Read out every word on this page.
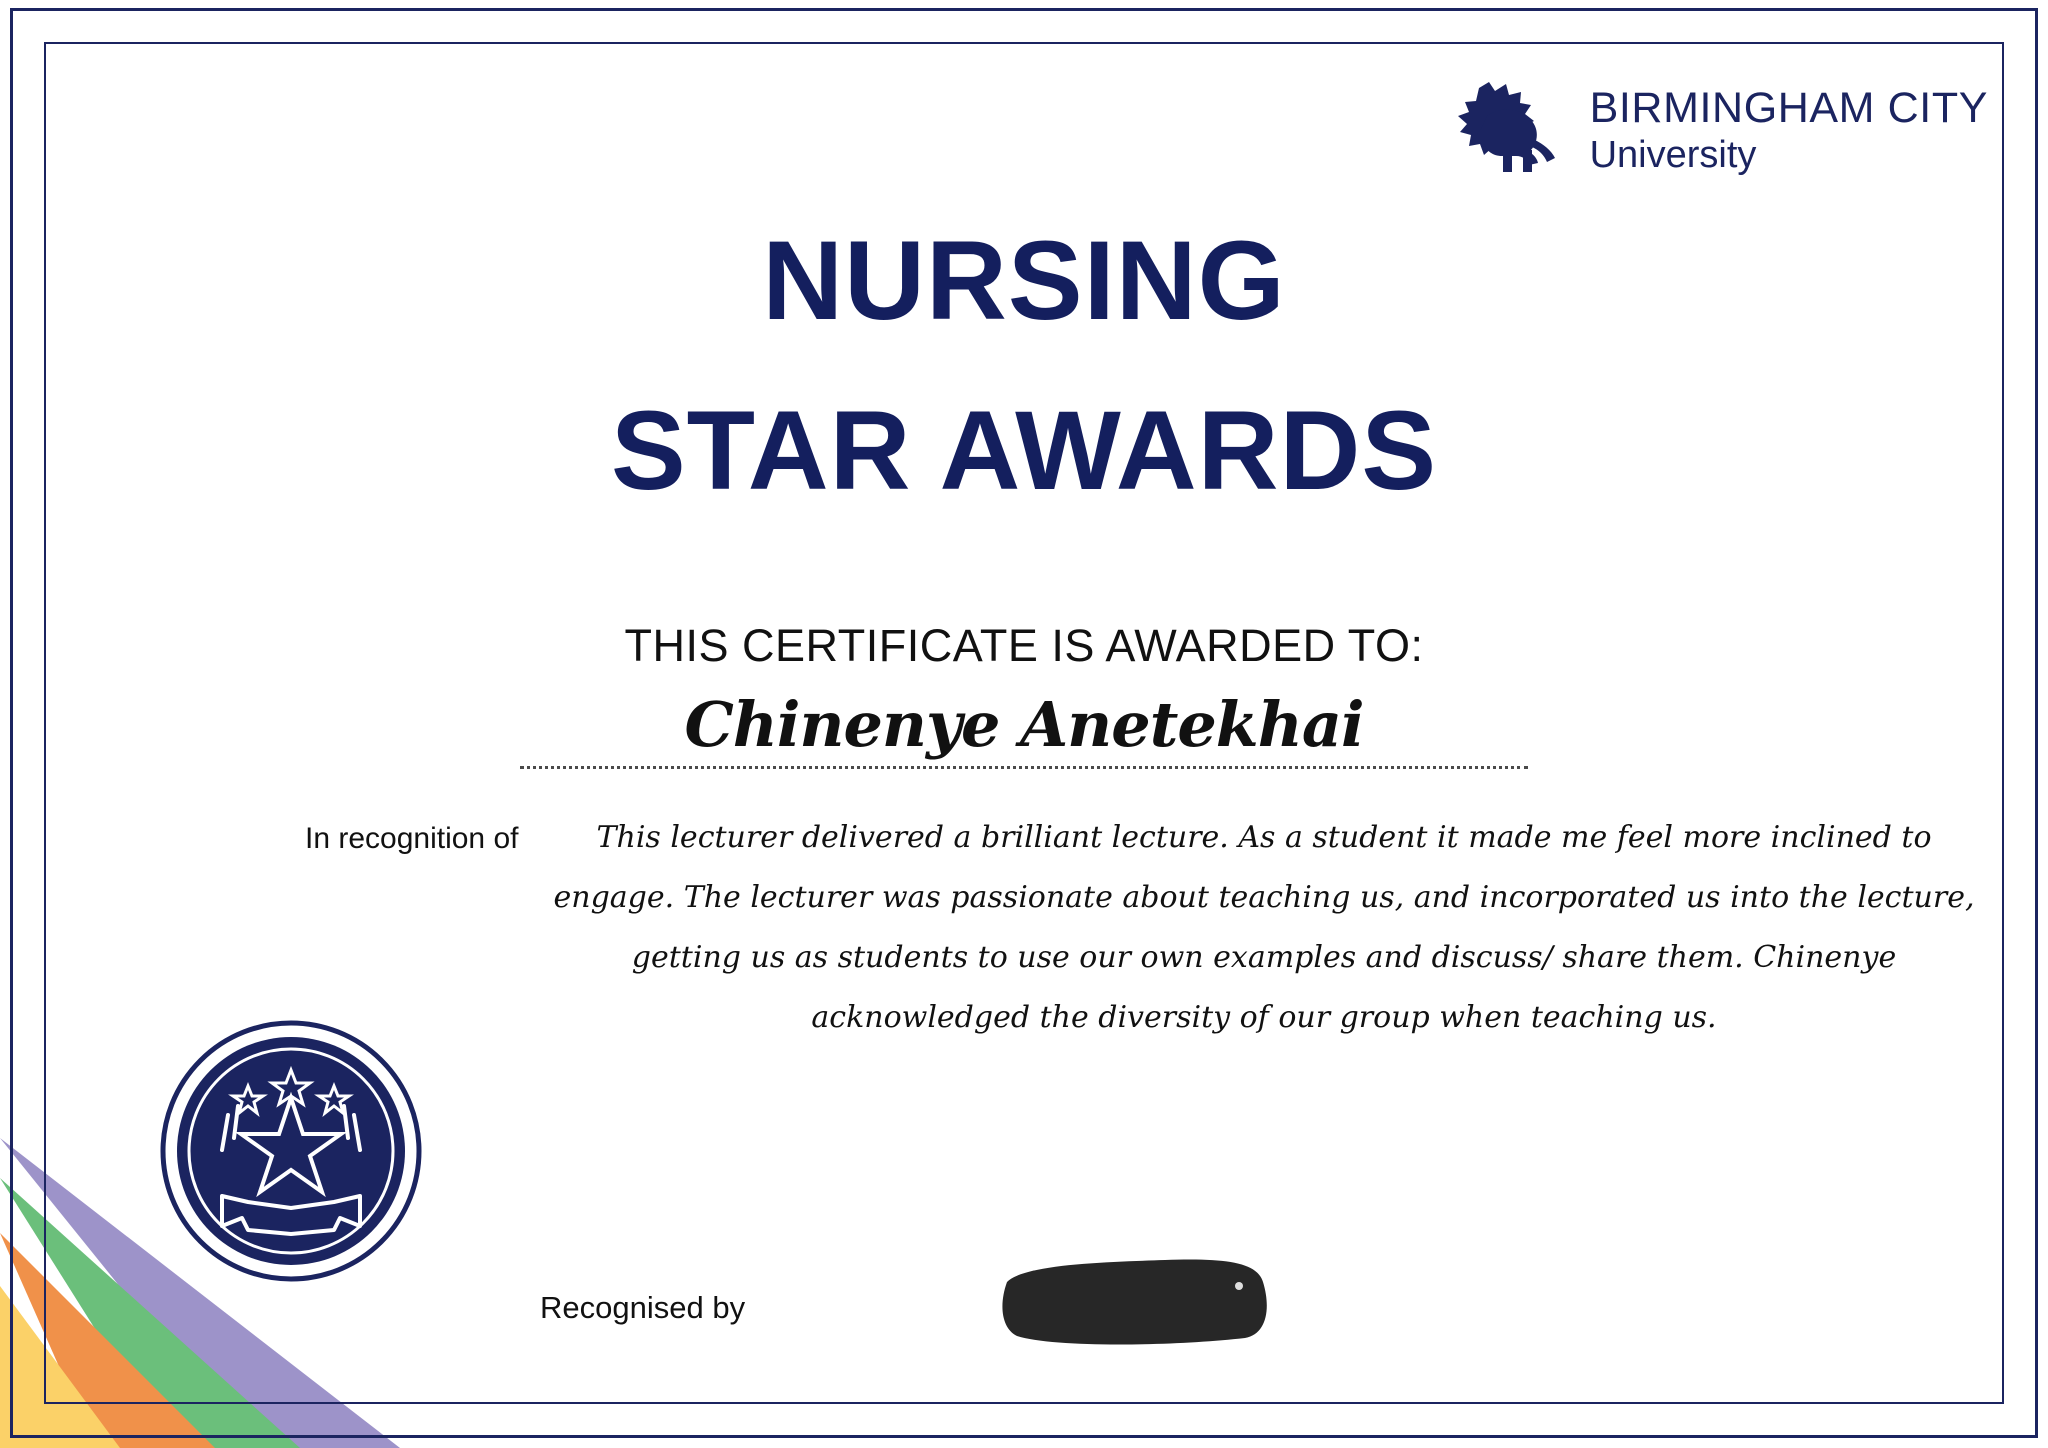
BIRMINGHAM CITY
University
NURSING
STAR AWARDS
THIS CERTIFICATE IS AWARDED TO:
Chinenye Anetekhai
In recognition of	This lecturer delivered a brilliant lecture. As a student it made me feel more inclined to engage. The lecturer was passionate about teaching us, and incorporated us into the lecture, getting us as students to use our own examples and discuss/ share them. Chinenye acknowledged the diversity of our group when teaching us.
Recognised by
